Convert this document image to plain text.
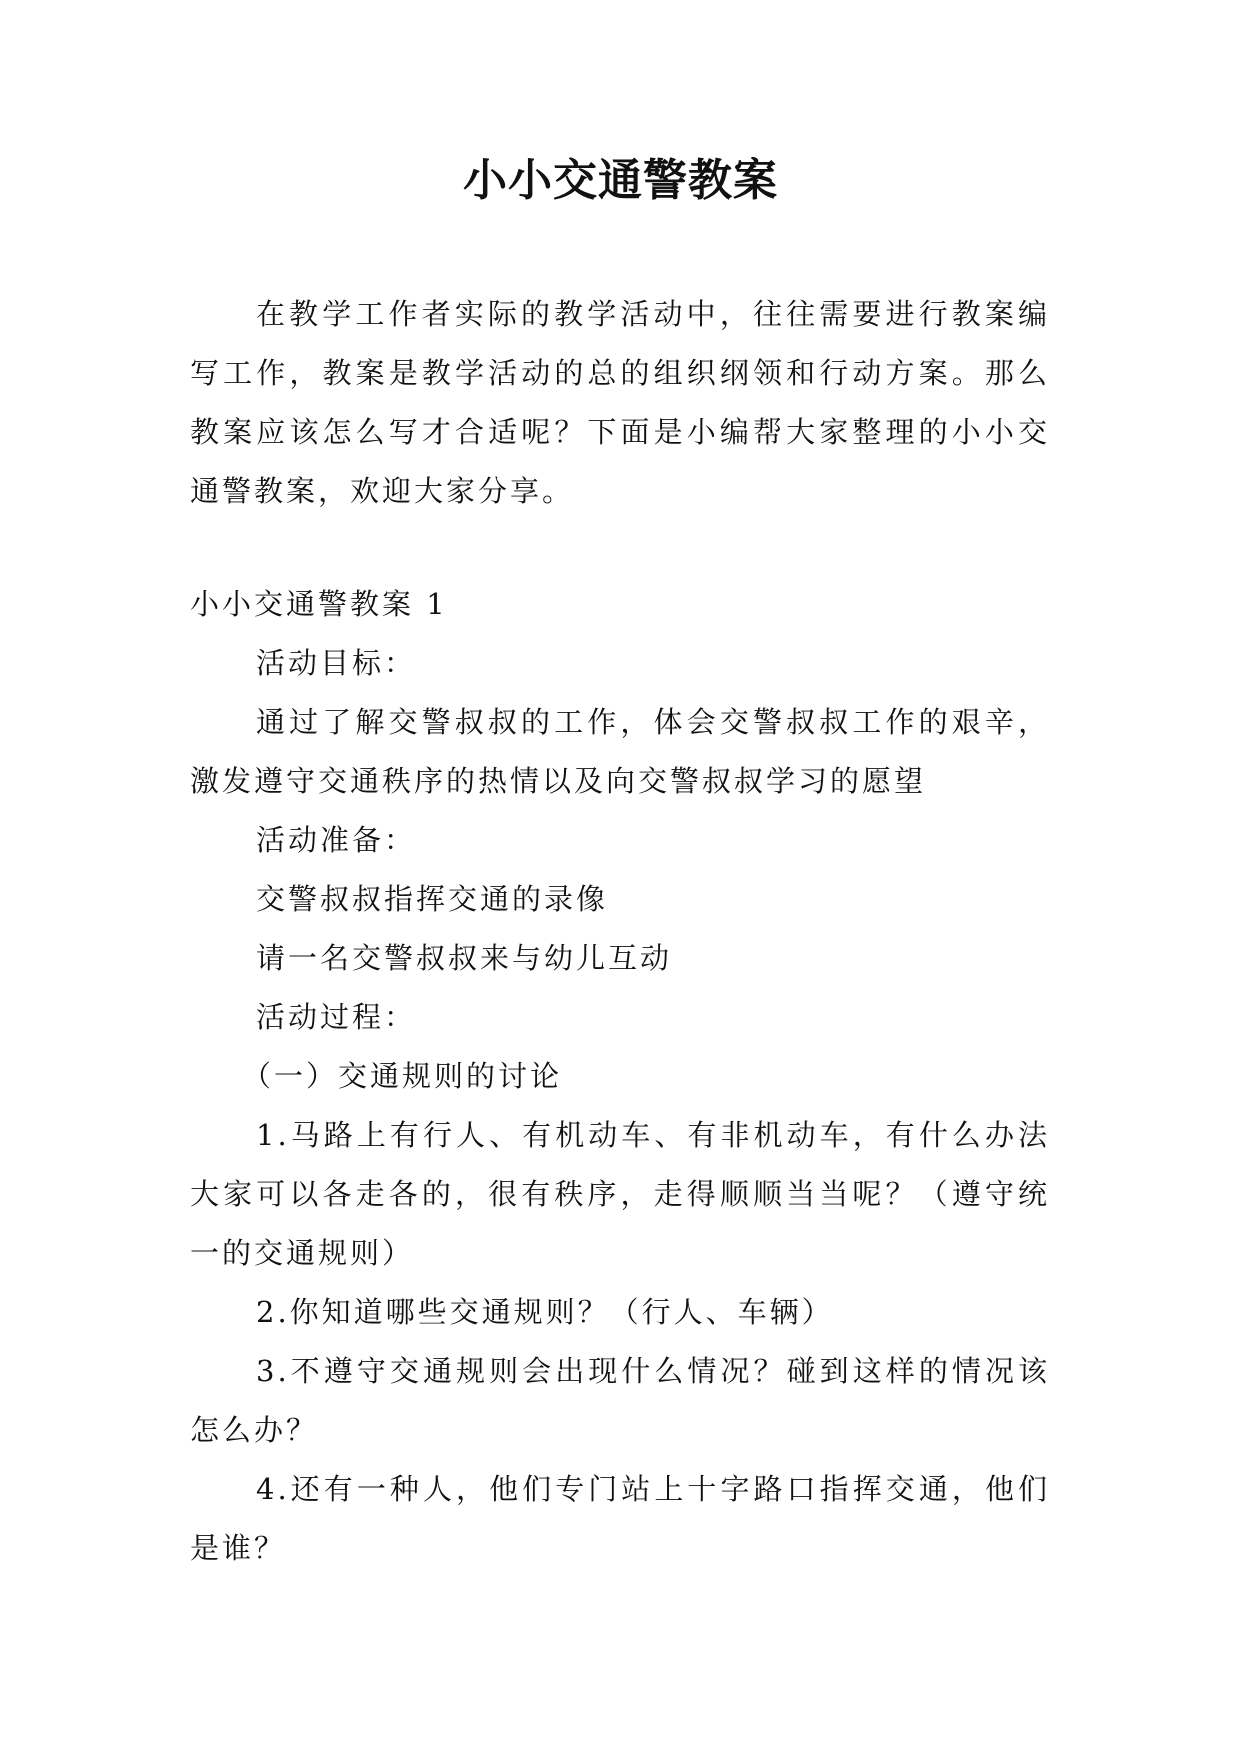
小小交通警教案

在教学工作者实际的教学活动中，往往需要进行教案编写工作，教案是教学活动的总的组织纲领和行动方案。那么教案应该怎么写才合适呢？下面是小编帮大家整理的小小交通警教案，欢迎大家分享。

小小交通警教案 1

活动目标：

通过了解交警叔叔的工作，体会交警叔叔工作的艰辛，激发遵守交通秩序的热情以及向交警叔叔学习的愿望

活动准备：

交警叔叔指挥交通的录像

请一名交警叔叔来与幼儿互动

活动过程：

（一）交通规则的讨论

1.马路上有行人、有机动车、有非机动车，有什么办法大家可以各走各的，很有秩序，走得顺顺当当呢？（遵守统一的交通规则）

2.你知道哪些交通规则？（行人、车辆）

3.不遵守交通规则会出现什么情况？碰到这样的情况该怎么办？

4.还有一种人，他们专门站上十字路口指挥交通，他们是谁？
